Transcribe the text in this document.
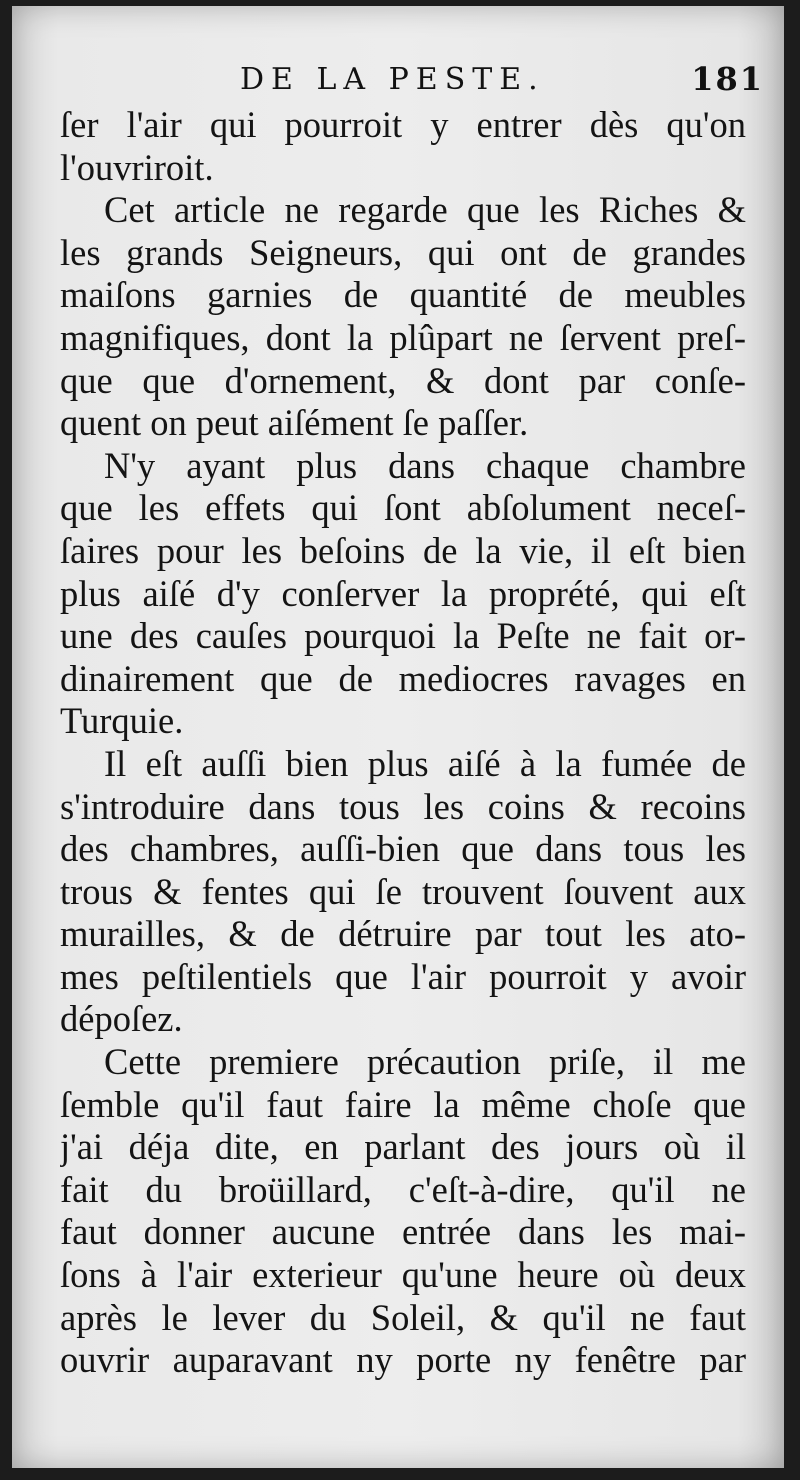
DE LA PESTE.	181
ſer l'air qui pourroit y entrer dès qu'on
l'ouvriroit.
Cet article ne regarde que les Riches &
les grands Seigneurs, qui ont de grandes
maiſons garnies de quantité de meubles
magnifiques, dont la plûpart ne ſervent preſ-
que que d'ornement, & dont par conſe-
quent on peut aiſément ſe paſſer.
N'y ayant plus dans chaque chambre
que les effets qui ſont abſolument neceſ-
ſaires pour les beſoins de la vie, il eſt bien
plus aiſé d'y conſerver la proprété, qui eſt
une des cauſes pourquoi la Peſte ne fait or-
dinairement que de mediocres ravages en
Turquie.
Il eſt auſſi bien plus aiſé à la fumée de
s'introduire dans tous les coins & recoins
des chambres, auſſi-bien que dans tous les
trous & fentes qui ſe trouvent ſouvent aux
murailles, & de détruire par tout les ato-
mes peſtilentiels que l'air pourroit y avoir
dépoſez.
Cette premiere précaution priſe, il me
ſemble qu'il faut faire la même choſe que
j'ai déja dite, en parlant des jours où il
fait du broüillard, c'eſt-à-dire, qu'il ne
faut donner aucune entrée dans les mai-
ſons à l'air exterieur qu'une heure où deux
après le lever du Soleil, & qu'il ne faut
ouvrir auparavant ny porte ny fenêtre par
